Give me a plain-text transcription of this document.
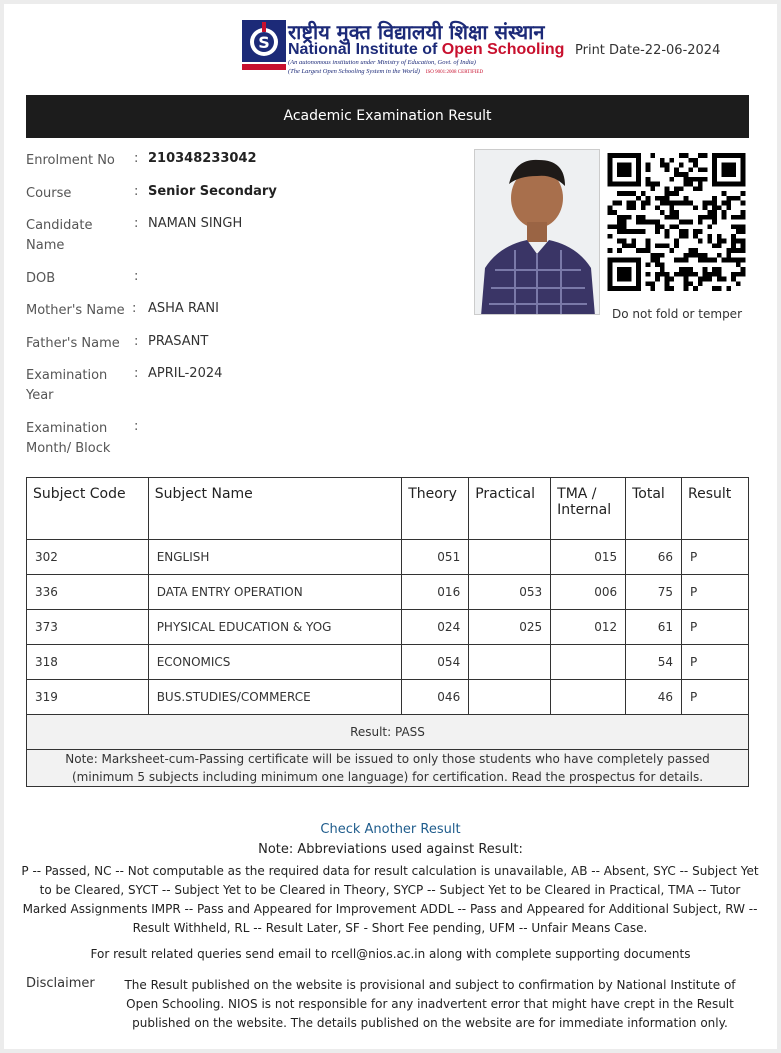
S राष्ट्रीय मुक्त विद्यालयी शिक्षा संस्थान
National Institute of Open Schooling
(An autonomous institution under Ministry of Education, Govt. of India)
(The Largest Open Schooling System in the World) ISO 9001:2008 CERTIFIED
Print Date-22-06-2024
Academic Examination Result
Enrolment No	: 210348233042
Course	: Senior Secondary
Candidate Name
: NAMAN SINGH
DOB	:
Mother's Name : ASHA RANI
Father's Name	: PRASANT
Examination Year
: APRIL-2024
Examination Month/ Block
:
Do not fold or temper
Subject Code	Subject Name	Theory	Practical	TMA / Internal	Total	Result
302	ENGLISH	051		015	66	P
336	DATA ENTRY OPERATION	016	053	006	75	P
373	PHYSICAL EDUCATION & YOG	024	025	012	61	P
318	ECONOMICS	054			54	P
319	BUS.STUDIES/COMMERCE	046			46	P
Result: PASS						
Note: Marksheet-cum-Passing certificate will be issued to only those students who have completely passed (minimum 5 subjects including minimum one language) for certification. Read the prospectus for details.						
Check Another Result
Note: Abbreviations used against Result:
P -- Passed, NC -- Not computable as the required data for result calculation is unavailable, AB -- Absent, SYC -- Subject Yet to be Cleared, SYCT -- Subject Yet to be Cleared in Theory, SYCP -- Subject Yet to be Cleared in Practical, TMA -- Tutor Marked Assignments IMPR -- Pass and Appeared for Improvement ADDL -- Pass and Appeared for Additional Subject, RW -- Result Withheld, RL -- Result Later, SF - Short Fee pending, UFM -- Unfair Means Case.
For result related queries send email to rcell@nios.ac.in along with complete supporting documents
Disclaimer	The Result published on the website is provisional and subject to confirmation by National Institute of Open Schooling. NIOS is not responsible for any inadvertent error that might have crept in the Result published on the website. The details published on the website are for immediate information only.
